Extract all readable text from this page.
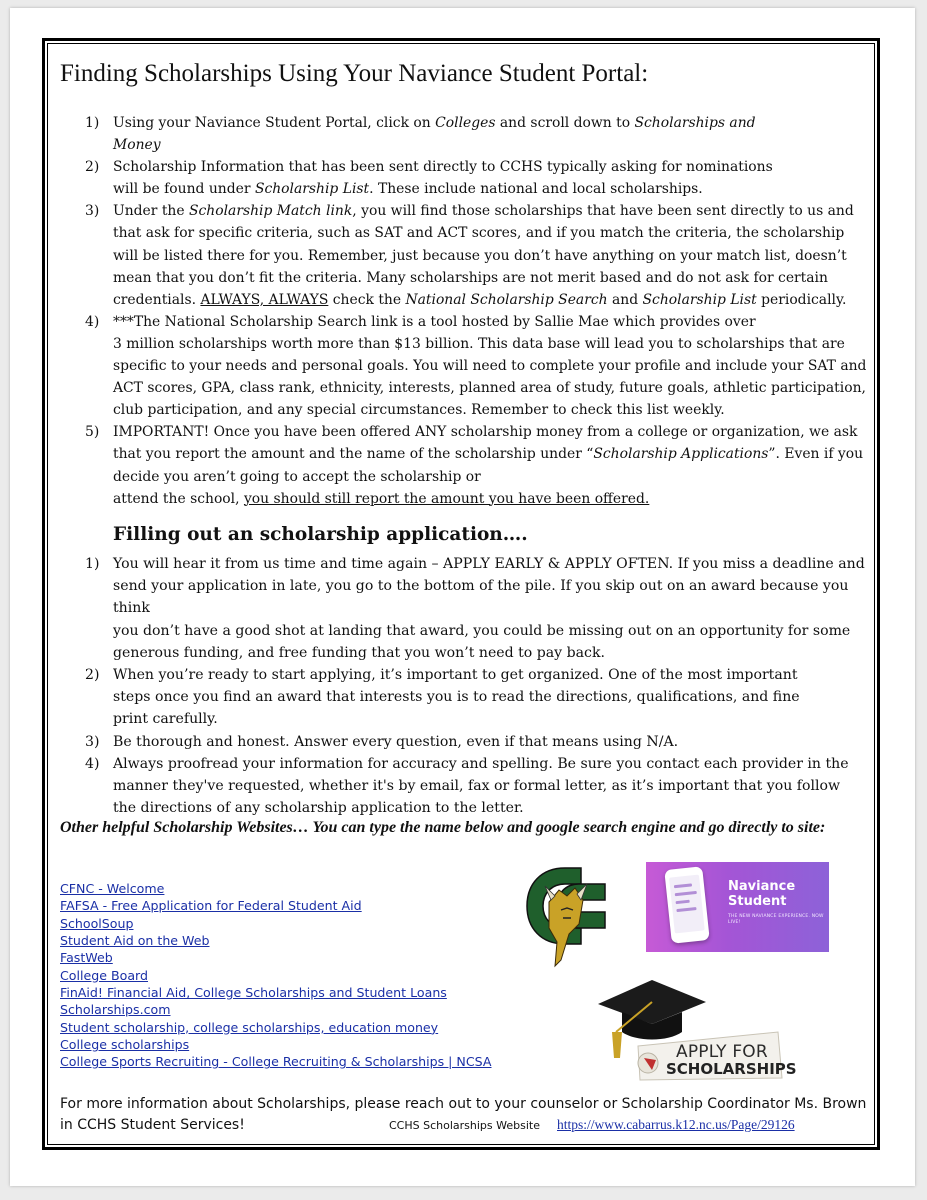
Finding Scholarships Using Your Naviance Student Portal:
1) Using your Naviance Student Portal, click on Colleges and scroll down to Scholarships and
Money
2) Scholarship Information that has been sent directly to CCHS typically asking for nominations
will be found under Scholarship List. These include national and local scholarships.
3) Under the Scholarship Match link, you will find those scholarships that have been sent directly to us and
that ask for specific criteria, such as SAT and ACT scores, and if you match the criteria, the scholarship
will be listed there for you. Remember, just because you don’t have anything on your match list, doesn’t
mean that you don’t fit the criteria. Many scholarships are not merit based and do not ask for certain
credentials. ALWAYS, ALWAYS check the National Scholarship Search and Scholarship List periodically.
4) ***The National Scholarship Search link is a tool hosted by Sallie Mae which provides over
3 million scholarships worth more than $13 billion. This data base will lead you to scholarships that are
specific to your needs and personal goals. You will need to complete your profile and include your SAT and
ACT scores, GPA, class rank, ethnicity, interests, planned area of study, future goals, athletic participation,
club participation, and any special circumstances. Remember to check this list weekly.
5) IMPORTANT! Once you have been offered ANY scholarship money from a college or organization, we ask
that you report the amount and the name of the scholarship under “Scholarship Applications”. Even if you
decide you aren’t going to accept the scholarship or
attend the school, you should still report the amount you have been offered.
Filling out an scholarship application….
1) You will hear it from us time and time again – APPLY EARLY & APPLY OFTEN. If you miss a deadline and
send your application in late, you go to the bottom of the pile. If you skip out on an award because you think
you don’t have a good shot at landing that award, you could be missing out on an opportunity for some
generous funding, and free funding that you won’t need to pay back.
2) When you’re ready to start applying, it’s important to get organized. One of the most important
steps once you find an award that interests you is to read the directions, qualifications, and fine
print carefully.
3) Be thorough and honest. Answer every question, even if that means using N/A.
4) Always proofread your information for accuracy and spelling. Be sure you contact each provider in the
manner they've requested, whether it's by email, fax or formal letter, as it’s important that you follow
the directions of any scholarship application to the letter.
Other helpful Scholarship Websites… You can type the name below and google search engine and go directly to site:
CFNC - Welcome
FAFSA - Free Application for Federal Student Aid
SchoolSoup
Student Aid on the Web
FastWeb
College Board
FinAid! Financial Aid, College Scholarships and Student Loans
Scholarships.com
Student scholarship, college scholarships, education money
College scholarships
College Sports Recruiting - College Recruiting & Scholarships | NCSA
Naviance Student
THE NEW NAVIANCE EXPERIENCE. NOW LIVE!
APPLY FOR
SCHOLARSHIPS
For more information about Scholarships, please reach out to your counselor or Scholarship Coordinator Ms. Brown in CCHS Student Services!	CCHS Scholarships Website https://www.cabarrus.k12.nc.us/Page/29126
